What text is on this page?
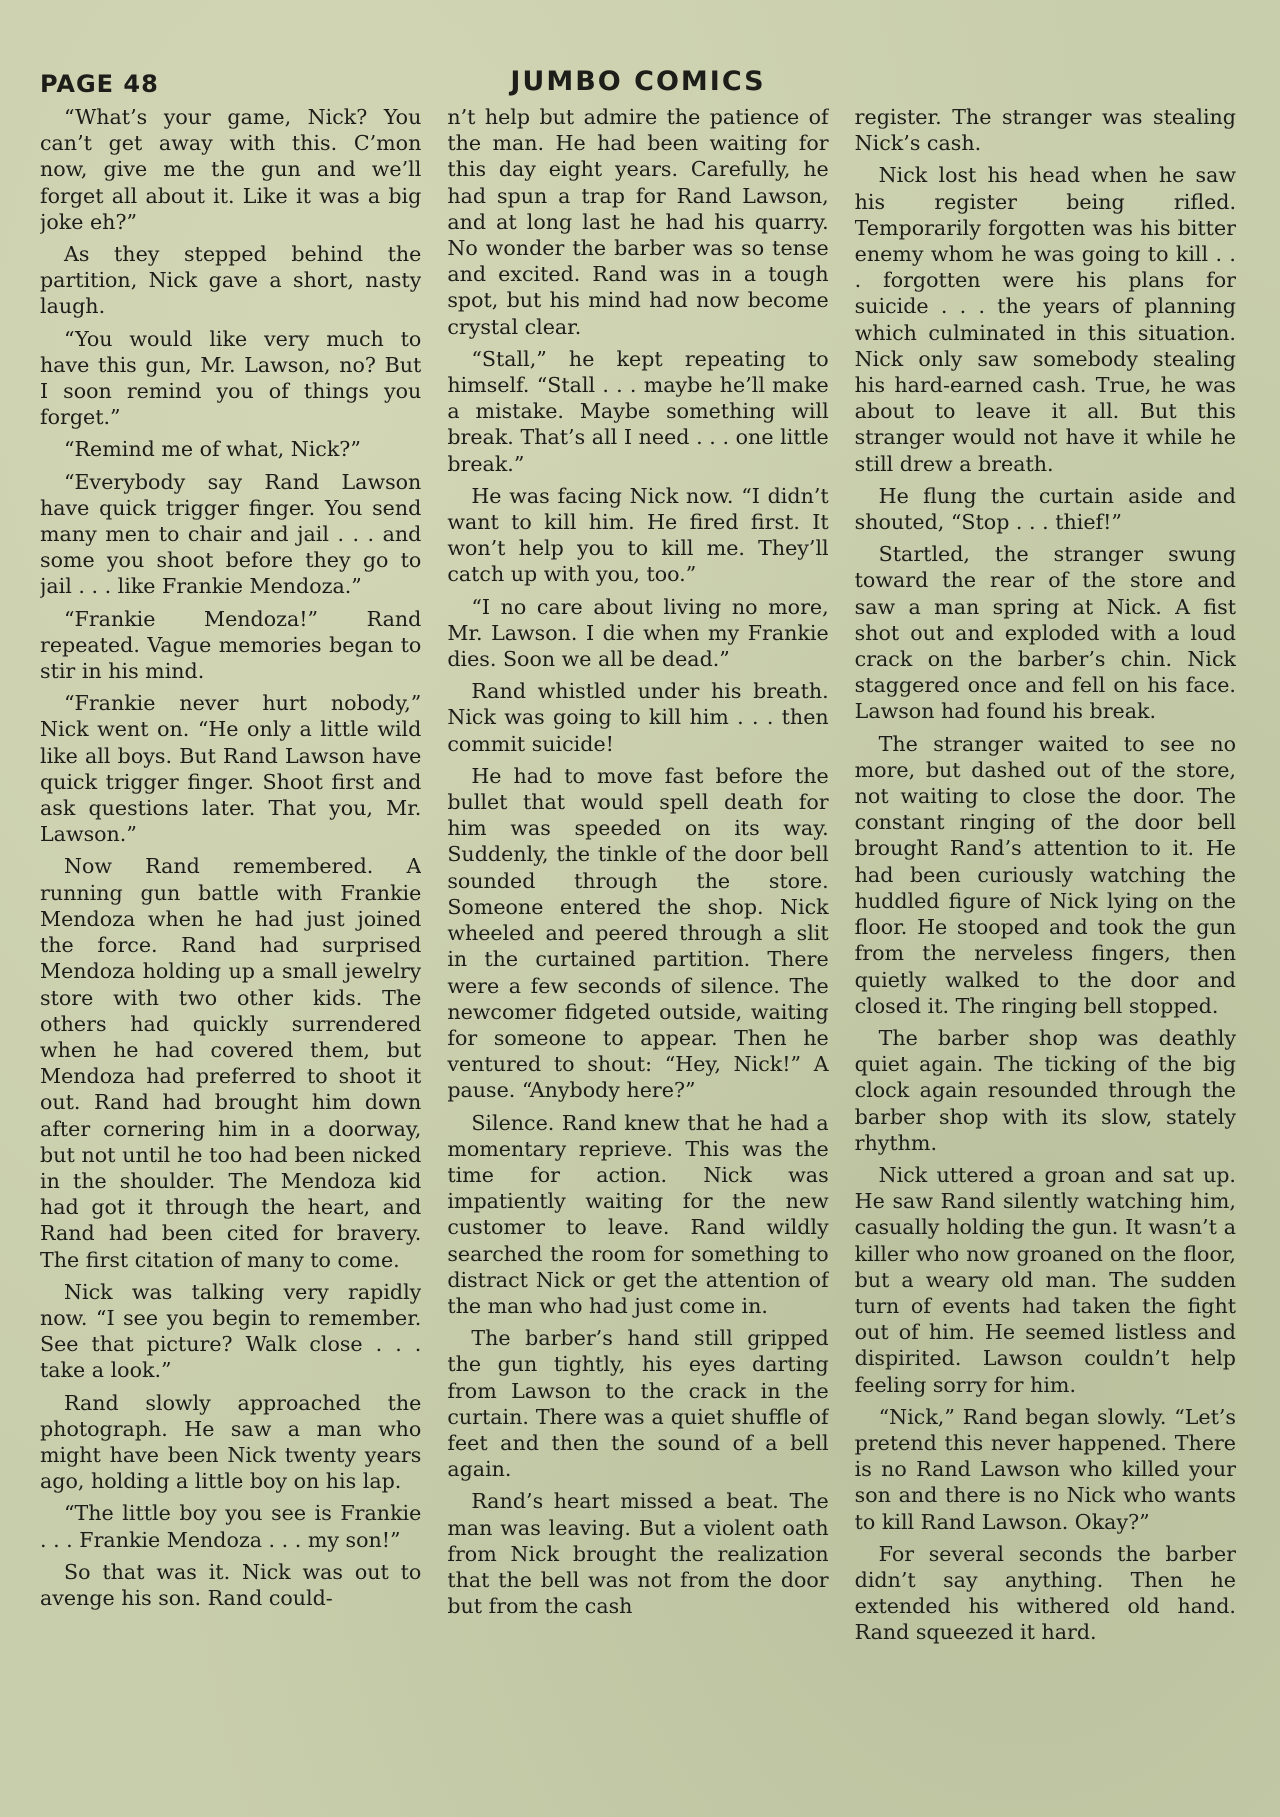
PAGE 48	JUMBO COMICS

“What’s your game, Nick? You can’t get away with this. C’mon now, give me the gun and we’ll forget all about it. Like it was a big joke eh?”

As they stepped behind the partition, Nick gave a short, nasty laugh.

“You would like very much to have this gun, Mr. Lawson, no? But I soon remind you of things you forget.”

“Remind me of what, Nick?”

“Everybody say Rand Lawson have quick trigger finger. You send many men to chair and jail . . . and some you shoot before they go to jail . . . like Frankie Mendoza.”

“Frankie Mendoza!” Rand repeated. Vague memories began to stir in his mind.

“Frankie never hurt nobody,” Nick went on. “He only a little wild like all boys. But Rand Lawson have quick trigger finger. Shoot first and ask questions later. That you, Mr. Lawson.”

Now Rand remembered. A running gun battle with Frankie Mendoza when he had just joined the force. Rand had surprised Mendoza holding up a small jewelry store with two other kids. The others had quickly surrendered when he had covered them, but Mendoza had preferred to shoot it out. Rand had brought him down after cornering him in a doorway, but not until he too had been nicked in the shoulder. The Mendoza kid had got it through the heart, and Rand had been cited for bravery. The first citation of many to come.

Nick was talking very rapidly now. “I see you begin to remember. See that picture? Walk close . . . take a look.”

Rand slowly approached the photograph. He saw a man who might have been Nick twenty years ago, holding a little boy on his lap.

“The little boy you see is Frankie . . . Frankie Mendoza . . . my son!”

So that was it. Nick was out to avenge his son. Rand could-

n’t help but admire the patience of the man. He had been waiting for this day eight years. Carefully, he had spun a trap for Rand Lawson, and at long last he had his quarry. No wonder the barber was so tense and excited. Rand was in a tough spot, but his mind had now become crystal clear.

“Stall,” he kept repeating to himself. “Stall . . . maybe he’ll make a mistake. Maybe something will break. That’s all I need . . . one little break.”

He was facing Nick now. “I didn’t want to kill him. He fired first. It won’t help you to kill me. They’ll catch up with you, too.”

“I no care about living no more, Mr. Lawson. I die when my Frankie dies. Soon we all be dead.”

Rand whistled under his breath. Nick was going to kill him . . . then commit suicide!

He had to move fast before the bullet that would spell death for him was speeded on its way. Suddenly, the tinkle of the door bell sounded through the store. Someone entered the shop. Nick wheeled and peered through a slit in the curtained partition. There were a few seconds of silence. The newcomer fidgeted outside, waiting for someone to appear. Then he ventured to shout: “Hey, Nick!” A pause. “Anybody here?”

Silence. Rand knew that he had a momentary reprieve. This was the time for action. Nick was impatiently waiting for the new customer to leave. Rand wildly searched the room for something to distract Nick or get the attention of the man who had just come in.

The barber’s hand still gripped the gun tightly, his eyes darting from Lawson to the crack in the curtain. There was a quiet shuffle of feet and then the sound of a bell again.

Rand’s heart missed a beat. The man was leaving. But a violent oath from Nick brought the realization that the bell was not from the door but from the cash

register. The stranger was stealing Nick’s cash.

Nick lost his head when he saw his register being rifled. Temporarily forgotten was his bitter enemy whom he was going to kill . . . forgotten were his plans for suicide . . . the years of planning which culminated in this situation. Nick only saw somebody stealing his hard-earned cash. True, he was about to leave it all. But this stranger would not have it while he still drew a breath.

He flung the curtain aside and shouted, “Stop . . . thief!”

Startled, the stranger swung toward the rear of the store and saw a man spring at Nick. A fist shot out and exploded with a loud crack on the barber’s chin. Nick staggered once and fell on his face. Lawson had found his break.

The stranger waited to see no more, but dashed out of the store, not waiting to close the door. The constant ringing of the door bell brought Rand’s attention to it. He had been curiously watching the huddled figure of Nick lying on the floor. He stooped and took the gun from the nerveless fingers, then quietly walked to the door and closed it. The ringing bell stopped.

The barber shop was deathly quiet again. The ticking of the big clock again resounded through the barber shop with its slow, stately rhythm.

Nick uttered a groan and sat up. He saw Rand silently watching him, casually holding the gun. It wasn’t a killer who now groaned on the floor, but a weary old man. The sudden turn of events had taken the fight out of him. He seemed listless and dispirited. Lawson couldn’t help feeling sorry for him.

“Nick,” Rand began slowly. “Let’s pretend this never happened. There is no Rand Lawson who killed your son and there is no Nick who wants to kill Rand Lawson. Okay?”

For several seconds the barber didn’t say anything. Then he extended his withered old hand. Rand squeezed it hard.
